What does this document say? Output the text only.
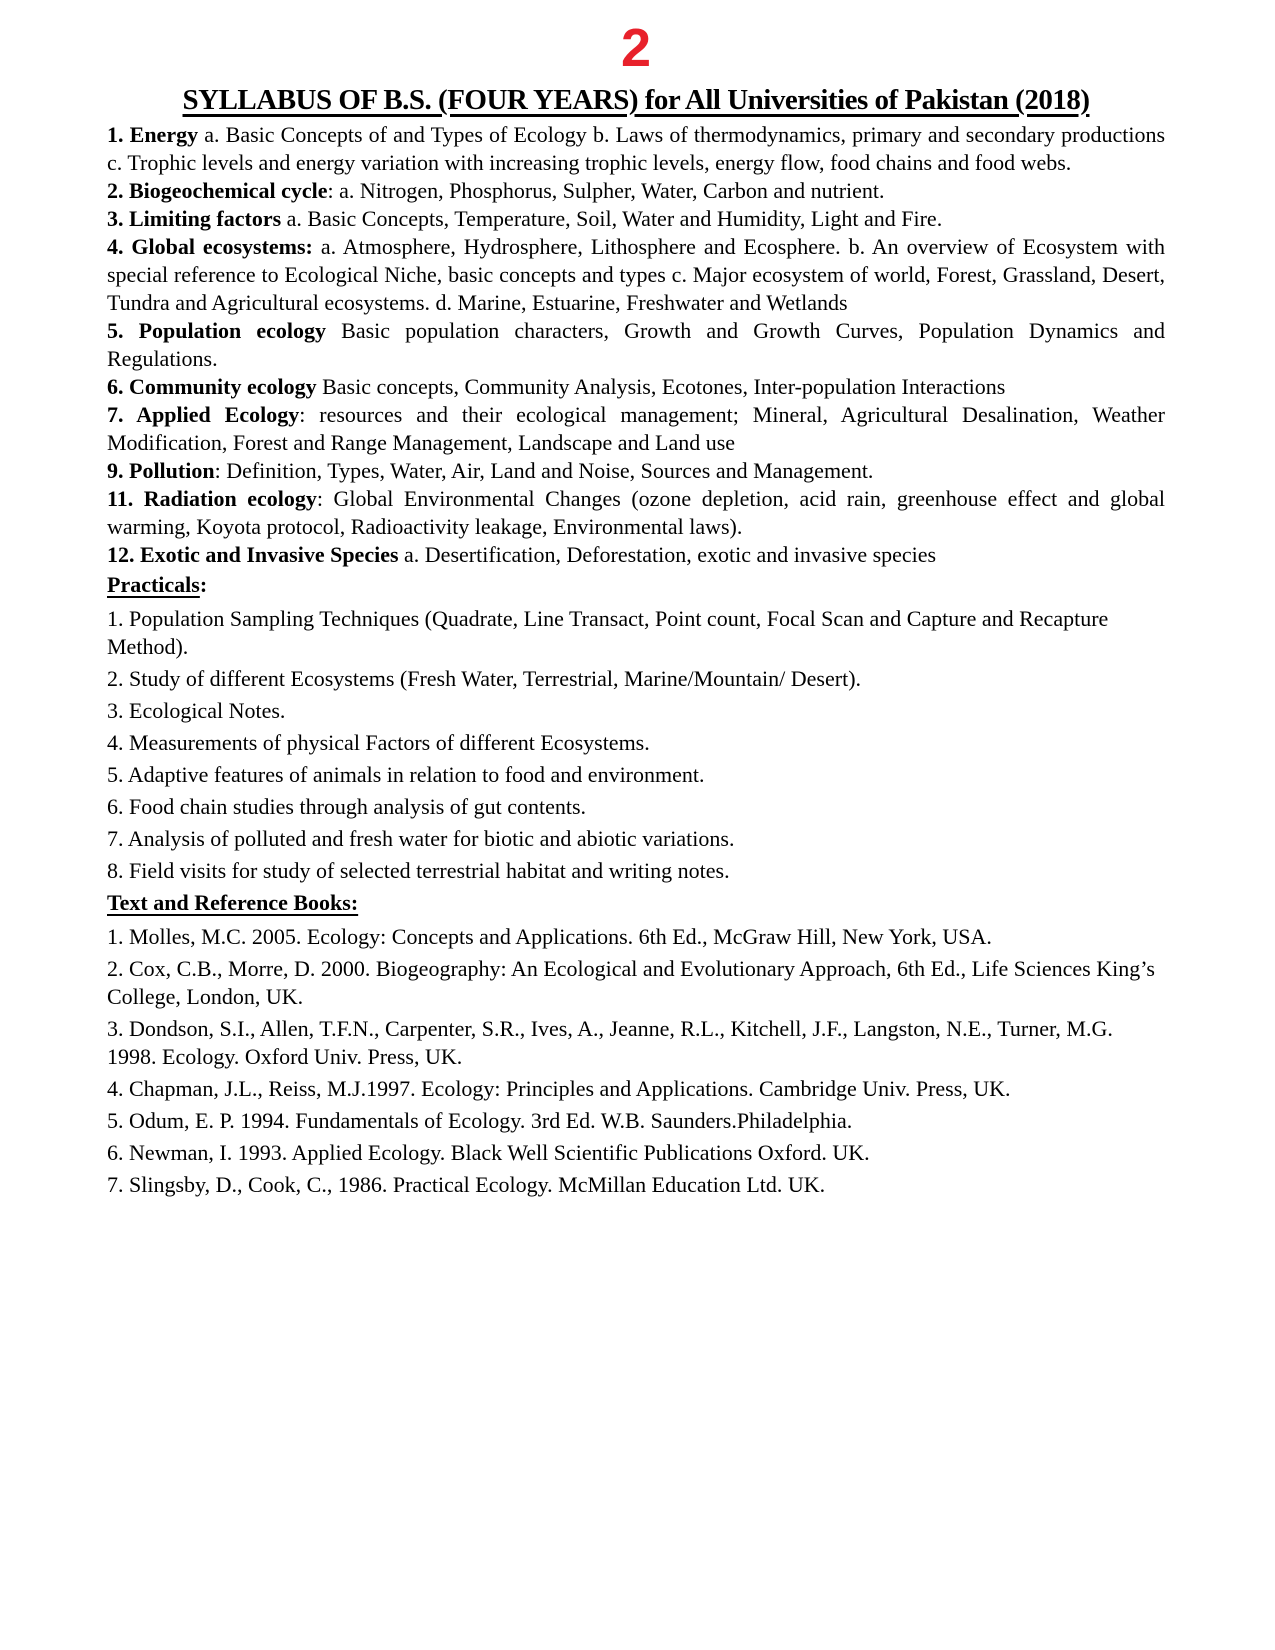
2
SYLLABUS OF B.S. (FOUR YEARS) for All Universities of Pakistan (2018)

1. Energy a. Basic Concepts of and Types of Ecology b. Laws of thermodynamics, primary and secondary productions c. Trophic levels and energy variation with increasing trophic levels, energy flow, food chains and food webs.

2. Biogeochemical cycle: a. Nitrogen, Phosphorus, Sulpher, Water, Carbon and nutrient.

3. Limiting factors a. Basic Concepts, Temperature, Soil, Water and Humidity, Light and Fire.

4. Global ecosystems: a. Atmosphere, Hydrosphere, Lithosphere and Ecosphere. b. An overview of Ecosystem with special reference to Ecological Niche, basic concepts and types c. Major ecosystem of world, Forest, Grassland, Desert, Tundra and Agricultural ecosystems. d. Marine, Estuarine, Freshwater and Wetlands

5. Population ecology Basic population characters, Growth and Growth Curves, Population Dynamics and Regulations.

6. Community ecology Basic concepts, Community Analysis, Ecotones, Inter-population Interactions

7. Applied Ecology: resources and their ecological management; Mineral, Agricultural Desalination, Weather Modification, Forest and Range Management, Landscape and Land use

9. Pollution: Definition, Types, Water, Air, Land and Noise, Sources and Management.

11. Radiation ecology: Global Environmental Changes (ozone depletion, acid rain, greenhouse effect and global warming, Koyota protocol, Radioactivity leakage, Environmental laws).

12. Exotic and Invasive Species a. Desertification, Deforestation, exotic and invasive species

Practicals:

1. Population Sampling Techniques (Quadrate, Line Transact, Point count, Focal Scan and Capture and Recapture Method).

2. Study of different Ecosystems (Fresh Water, Terrestrial, Marine/Mountain/ Desert).

3. Ecological Notes.

4. Measurements of physical Factors of different Ecosystems.

5. Adaptive features of animals in relation to food and environment.

6. Food chain studies through analysis of gut contents.

7. Analysis of polluted and fresh water for biotic and abiotic variations.

8. Field visits for study of selected terrestrial habitat and writing notes.

Text and Reference Books:

1. Molles, M.C. 2005. Ecology: Concepts and Applications. 6th Ed., McGraw Hill, New York, USA.

2. Cox, C.B., Morre, D. 2000. Biogeography: An Ecological and Evolutionary Approach, 6th Ed., Life Sciences King’s College, London, UK.

3. Dondson, S.I., Allen, T.F.N., Carpenter, S.R., Ives, A., Jeanne, R.L., Kitchell, J.F., Langston, N.E., Turner, M.G. 1998. Ecology. Oxford Univ. Press, UK.

4. Chapman, J.L., Reiss, M.J.1997. Ecology: Principles and Applications. Cambridge Univ. Press, UK.

5. Odum, E. P. 1994. Fundamentals of Ecology. 3rd Ed. W.B. Saunders.Philadelphia.

6. Newman, I. 1993. Applied Ecology. Black Well Scientific Publications Oxford. UK.

7. Slingsby, D., Cook, C., 1986. Practical Ecology. McMillan Education Ltd. UK.
